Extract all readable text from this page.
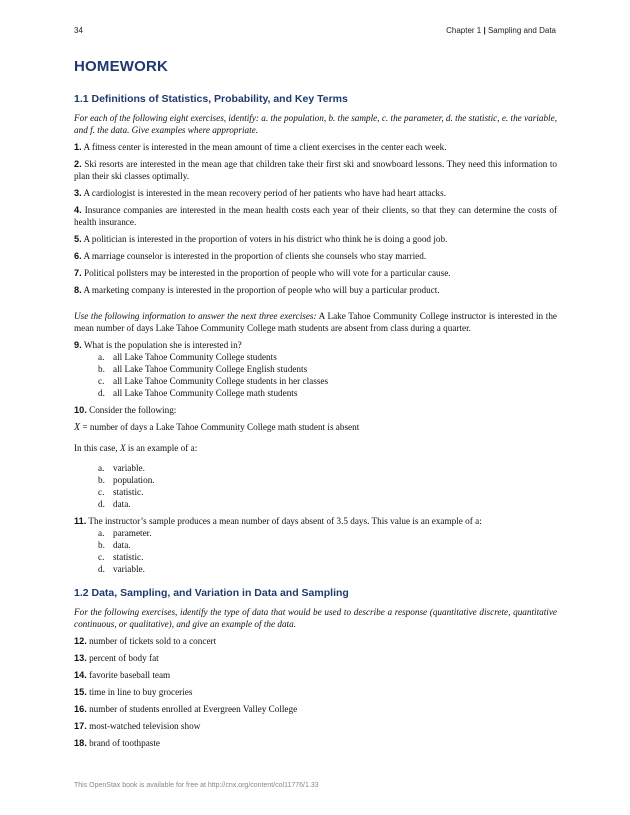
34	Chapter 1 | Sampling and Data
HOMEWORK
1.1 Definitions of Statistics, Probability, and Key Terms
For each of the following eight exercises, identify: a. the population, b. the sample, c. the parameter, d. the statistic, e. the variable, and f. the data. Give examples where appropriate.
1. A fitness center is interested in the mean amount of time a client exercises in the center each week.
2. Ski resorts are interested in the mean age that children take their first ski and snowboard lessons. They need this information to plan their ski classes optimally.
3. A cardiologist is interested in the mean recovery period of her patients who have had heart attacks.
4. Insurance companies are interested in the mean health costs each year of their clients, so that they can determine the costs of health insurance.
5. A politician is interested in the proportion of voters in his district who think he is doing a good job.
6. A marriage counselor is interested in the proportion of clients she counsels who stay married.
7. Political pollsters may be interested in the proportion of people who will vote for a particular cause.
8. A marketing company is interested in the proportion of people who will buy a particular product.
Use the following information to answer the next three exercises: A Lake Tahoe Community College instructor is interested in the mean number of days Lake Tahoe Community College math students are absent from class during a quarter.
9. What is the population she is interested in?
a. all Lake Tahoe Community College students
b. all Lake Tahoe Community College English students
c. all Lake Tahoe Community College students in her classes
d. all Lake Tahoe Community College math students
10. Consider the following:
X = number of days a Lake Tahoe Community College math student is absent
In this case, X is an example of a:
a. variable.
b. population.
c. statistic.
d. data.
11. The instructor’s sample produces a mean number of days absent of 3.5 days. This value is an example of a:
a. parameter.
b. data.
c. statistic.
d. variable.
1.2 Data, Sampling, and Variation in Data and Sampling
For the following exercises, identify the type of data that would be used to describe a response (quantitative discrete, quantitative continuous, or qualitative), and give an example of the data.
12. number of tickets sold to a concert
13. percent of body fat
14. favorite baseball team
15. time in line to buy groceries
16. number of students enrolled at Evergreen Valley College
17. most-watched television show
18. brand of toothpaste
This OpenStax book is available for free at http://cnx.org/content/col11776/1.33
